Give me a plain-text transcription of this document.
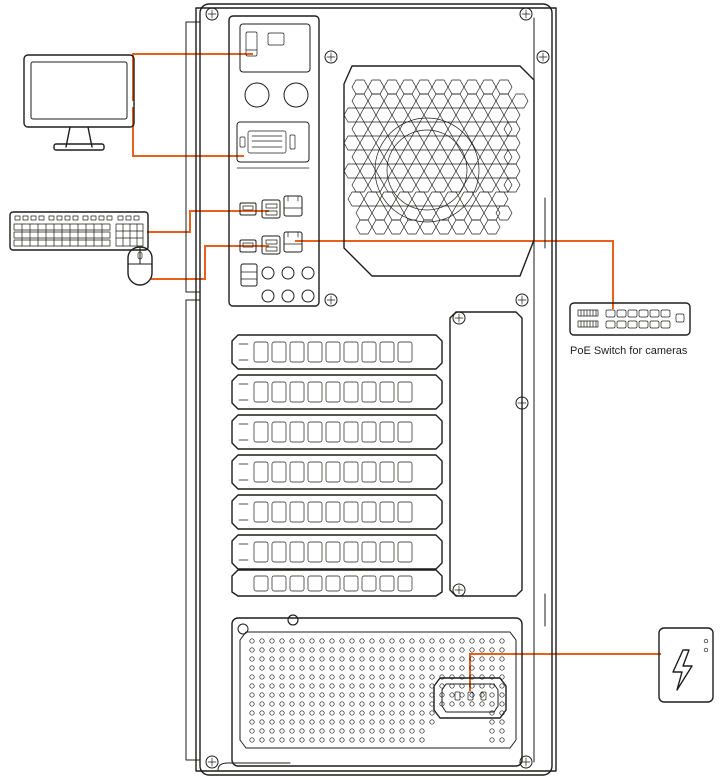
PoE Switch for cameras
